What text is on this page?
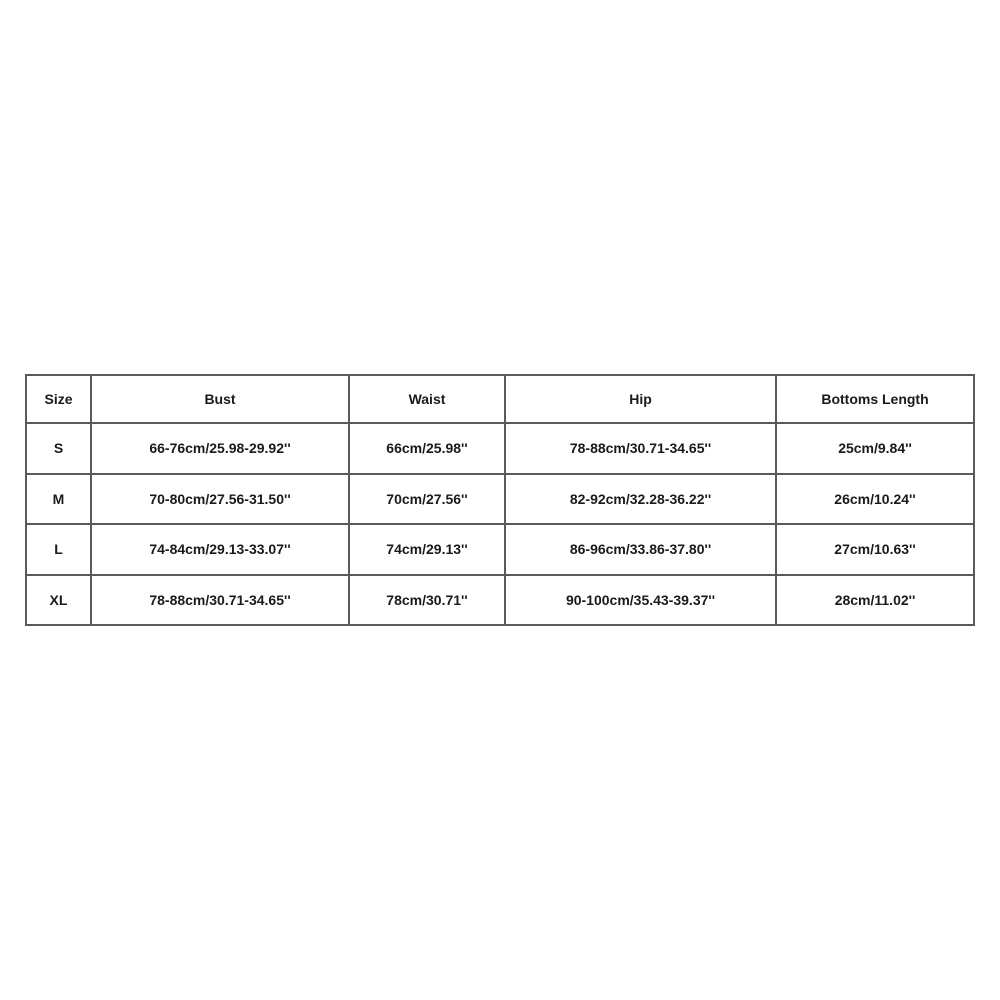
Size	Bust	Waist	Hip	Bottoms Length
S	66-76cm/25.98-29.92''	66cm/25.98''	78-88cm/30.71-34.65''	25cm/9.84''
M	70-80cm/27.56-31.50''	70cm/27.56''	82-92cm/32.28-36.22''	26cm/10.24''
L	74-84cm/29.13-33.07''	74cm/29.13''	86-96cm/33.86-37.80''	27cm/10.63''
XL	78-88cm/30.71-34.65''	78cm/30.71''	90-100cm/35.43-39.37''	28cm/11.02''
